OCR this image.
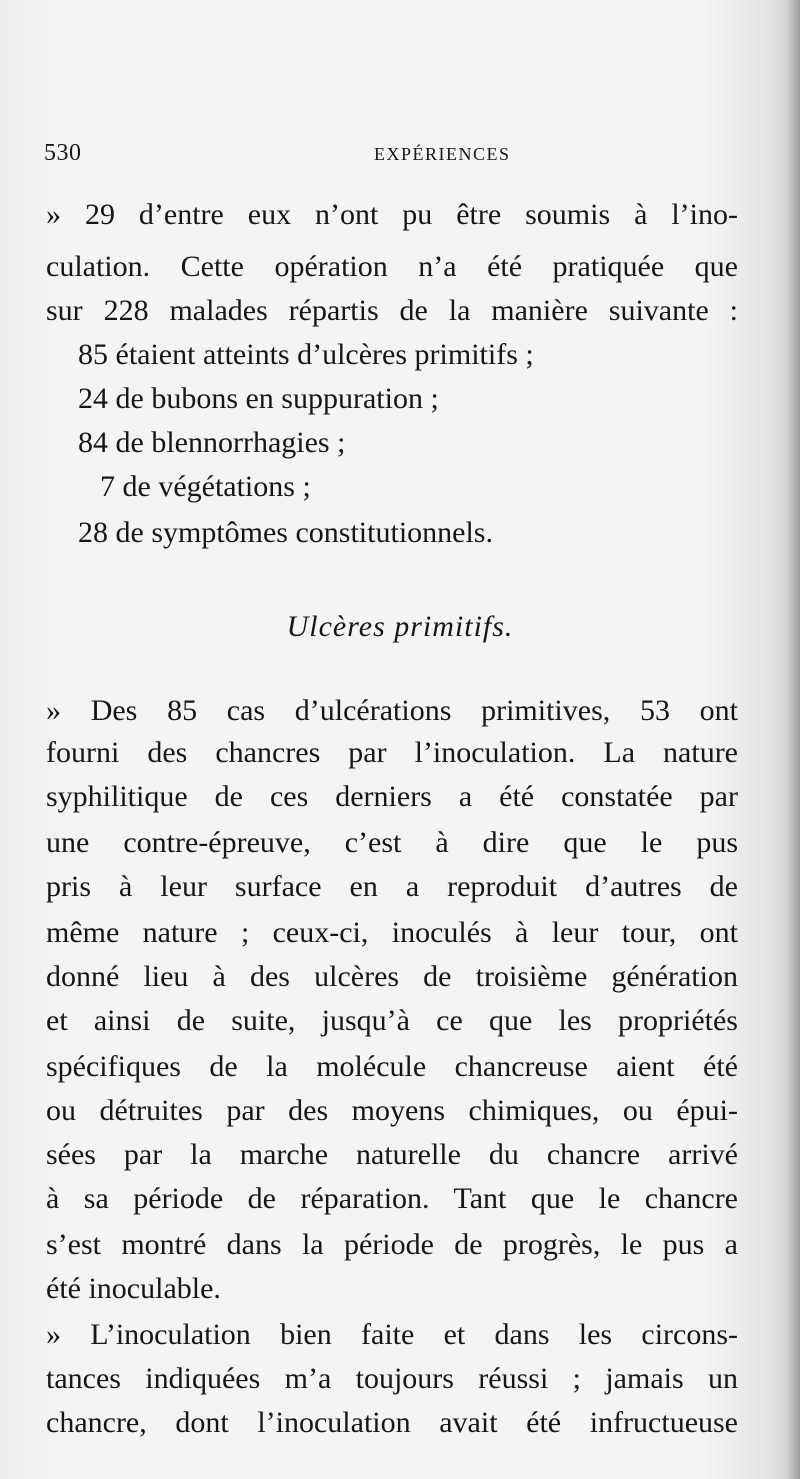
530	EXPÉRIENCES
» 29 d’entre eux n’ont pu être soumis à l’ino-
culation. Cette opération n’a été pratiquée que
sur 228 malades répartis de la manière suivante :
85 étaient atteints d’ulcères primitifs ;
24 de bubons en suppuration ;
84 de blennorrhagies ;
7 de végétations ;
28 de symptômes constitutionnels.
Ulcères primitifs.
» Des 85 cas d’ulcérations primitives, 53 ont
fourni des chancres par l’inoculation. La nature
syphilitique de ces derniers a été constatée par
une contre-épreuve, c’est à dire que le pus
pris à leur surface en a reproduit d’autres de
même nature ; ceux-ci, inoculés à leur tour, ont
donné lieu à des ulcères de troisième génération
et ainsi de suite, jusqu’à ce que les propriétés
spécifiques de la molécule chancreuse aient été
ou détruites par des moyens chimiques, ou épui-
sées par la marche naturelle du chancre arrivé
à sa période de réparation. Tant que le chancre
s’est montré dans la période de progrès, le pus a
été inoculable.
» L’inoculation bien faite et dans les circons-
tances indiquées m’a toujours réussi ; jamais un
chancre, dont l’inoculation avait été infructueuse
